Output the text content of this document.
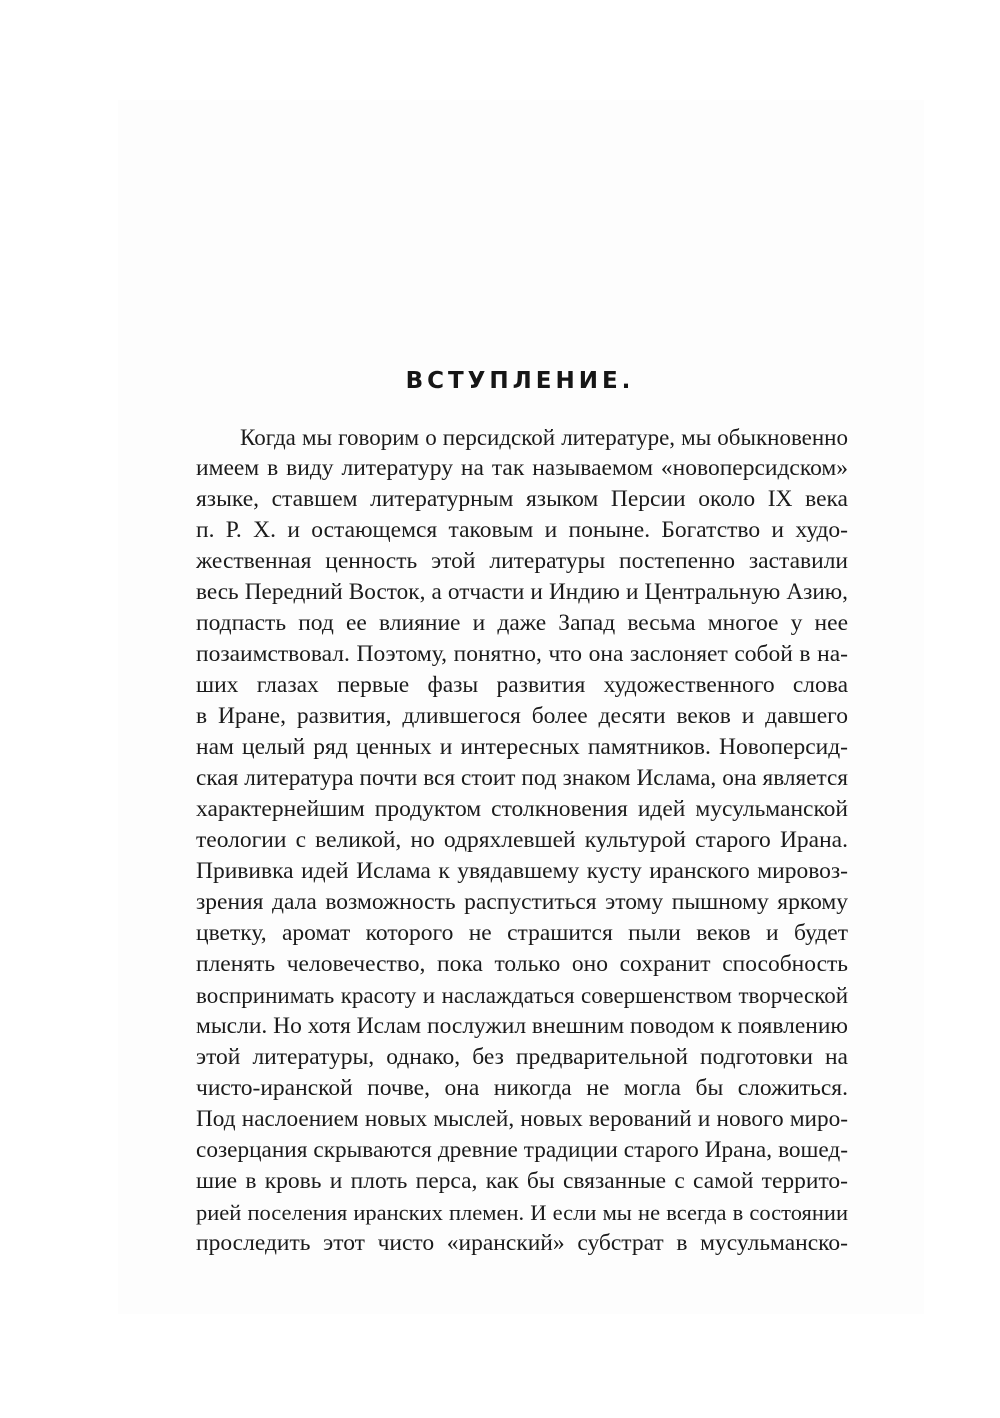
ВСТУПЛЕНИЕ.
Когда мы говорим о персидской литературе, мы обыкновенно
имеем в виду литературу на так называемом «новоперсидском»
языке, ставшем литературным языком Персии около IX века
п. Р. Х. и остающемся таковым и поныне. Богатство и худо-
жественная ценность этой литературы постепенно заставили
весь Передний Восток, а отчасти и Индию и Центральную Азию,
подпасть под ее влияние и даже Запад весьма многое у нее
позаимствовал. Поэтому, понятно, что она заслоняет собой в на-
ших глазах первые фазы развития художественного слова
в Иране, развития, длившегося более десяти веков и давшего
нам целый ряд ценных и интересных памятников. Новоперсид-
ская литература почти вся стоит под знаком Ислама, она является
характернейшим продуктом столкновения идей мусульманской
теологии с великой, но одряхлевшей культурой старого Ирана.
Прививка идей Ислама к увядавшему кусту иранского мировоз-
зрения дала возможность распуститься этому пышному яркому
цветку, аромат которого не страшится пыли веков и будет
пленять человечество, пока только оно сохранит способность
воспринимать красоту и наслаждаться совершенством творческой
мысли. Но хотя Ислам послужил внешним поводом к появлению
этой литературы, однако, без предварительной подготовки на
чисто-иранской почве, она никогда не могла бы сложиться.
Под наслоением новых мыслей, новых верований и нового миро-
созерцания скрываются древние традиции старого Ирана, вошед-
шие в кровь и плоть перса, как бы связанные с самой террито-
рией поселения иранских племен. И если мы не всегда в состоянии
проследить этот чисто «иранский» субстрат в мусульманско-
